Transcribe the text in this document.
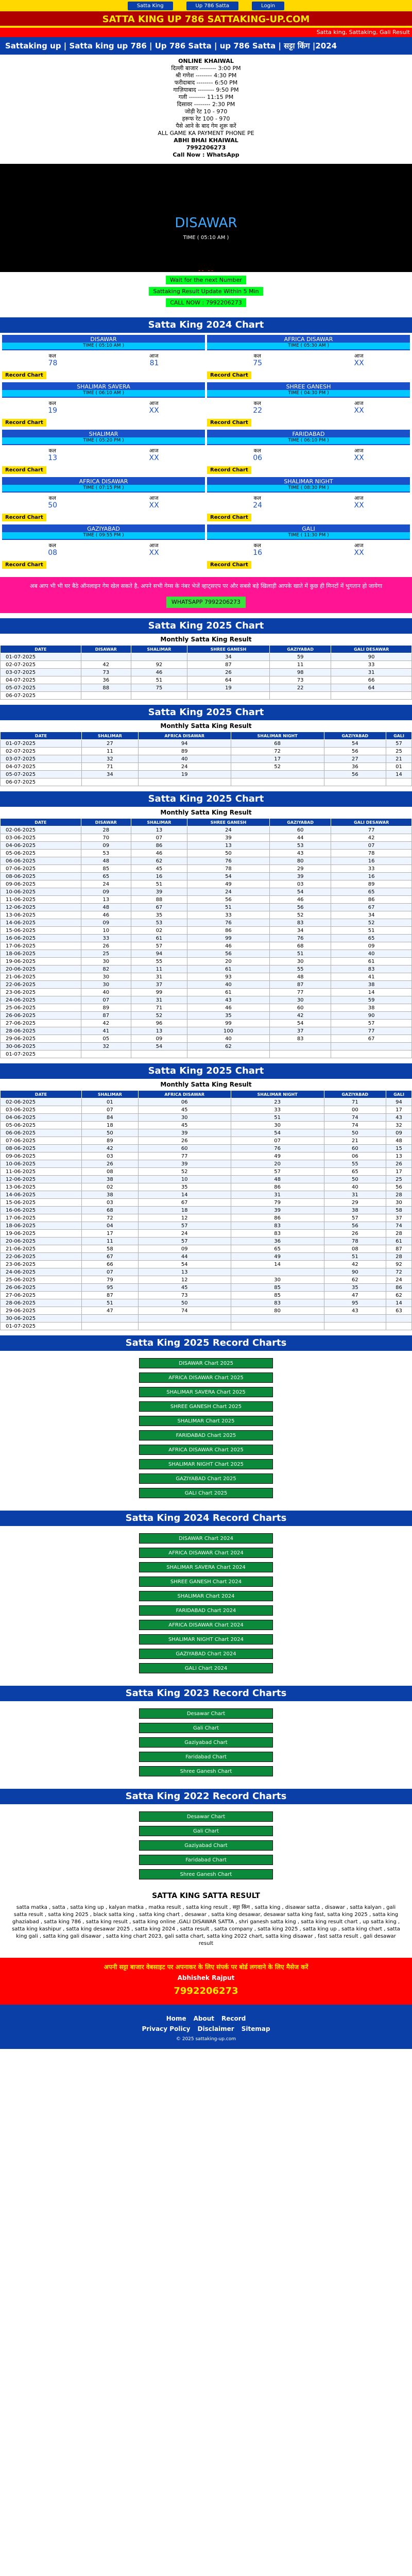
Satta King	Up 786 Satta	Login
SATTA KING UP 786 SATTAKING-UP.COM
Satta king, Sattaking, Gali Result
Sattaking up | Satta king up 786 | Up 786 Satta | up 786 Satta | सट्टा किंग |2024
ONLINE KHAIWAL
दिल्ली बाजार -------- 3:00 PM
श्री गणेश -------- 4:30 PM
फरीदाबाद -------- 6:50 PM
गाज़ियाबाद -------- 9:50 PM
गली -------- 11:15 PM
दिसावर -------- 2:30 PM
जोड़ी रेट 10 - 970
हरूफ रेट 100 - 970
पैसे आने के बाद गेम शुरू करें
ALL GAME KA PAYMENT PHONE PE
ABHI BHAI KHAIWAL
7992206273
Call Now : WhatsApp
DISAWAR
TIME ( 05:10 AM )
-- --
Wait for the next Number
Sattaking Result Update Within 5 Min
CALL NOW : 7992206273
Satta King 2024 Chart
DISAWAR
TIME ( 05:10 AM )
कल	आज
78	81
Record Chart
AFRICA DISAWAR
TIME ( 05:30 AM )
कल	आज
75	XX
Record Chart
SHALIMAR SAVERA
TIME ( 06:10 AM )
कल	आज
19	XX
Record Chart
SHREE GANESH
TIME ( 04:30 PM )
कल	आज
22	XX
Record Chart
SHALIMAR
TIME ( 05:20 PM )
कल	आज
13	XX
Record Chart
FARIDABAD
TIME ( 06:10 PM )
कल	आज
06	XX
Record Chart
AFRICA DISAWAR
TIME ( 07:15 PM )
कल	आज
50	XX
Record Chart
SHALIMAR NIGHT
TIME ( 08:30 PM )
कल	आज
24	XX
Record Chart
GAZIYABAD
TIME ( 09:55 PM )
कल	आज
08	XX
Record Chart
GALI
TIME ( 11:30 PM )
कल	आज
16	XX
Record Chart
अब आप भी भी घर बैठे ऑनलाइन गेम खेल सकते है, अपने सभी गेम्स के नंबर भेजें व्हाट्सएप पर और सबसे बड़े खिलाड़ी आपके खाते में कुछ ही मिनटों में भुगतान हो जायेगा
WHATSAPP 7992206273
Satta King 2025 Chart
Monthly Satta King Result
DATE	DISAWAR	SHALIMAR	SHREE GANESH	GAZIYABAD	GALI DESAWAR
01-07-2025			34	59	90
02-07-2025	42	92	87	11	33
03-07-2025	73	46	26	98	31
04-07-2025	36	51	64	73	66
05-07-2025	88	75	19	22	64
06-07-2025					
Satta King 2025 Chart
Monthly Satta King Result
DATE	SHALIMAR	AFRICA DISAWAR	SHALIMAR NIGHT	GAZIYABAD	GALI
01-07-2025	27	94	68	54	57
02-07-2025	11	89	72	56	25
03-07-2025	32	40	17	27	21
04-07-2025	71	24	52	36	01
05-07-2025	34	19		56	14
06-07-2025					
Satta King 2025 Chart
Monthly Satta King Result
DATE	DISAWAR	SHALIMAR	SHREE GANESH	GAZIYABAD	GALI DESAWAR
02-06-2025	28	13	24	60	77
03-06-2025	70	07	39	44	42
04-06-2025	09	86	13	53	07
05-06-2025	53	46	50	43	78
06-06-2025	48	62	76	80	16
07-06-2025	85	45	78	29	33
08-06-2025	65	16	54	39	16
09-06-2025	24	51	49	03	89
10-06-2025	09	39	24	54	65
11-06-2025	13	88	56	46	86
12-06-2025	48	67	51	56	67
13-06-2025	46	35	33	52	34
14-06-2025	09	53	76	83	52
15-06-2025	10	02	86	34	51
16-06-2025	33	61	99	76	65
17-06-2025	26	57	46	68	09
18-06-2025	25	94	56	51	40
19-06-2025	30	55	20	30	61
20-06-2025	82	11	61	55	83
21-06-2025	30	31	93	48	41
22-06-2025	30	37	40	87	38
23-06-2025	40	99	61	77	14
24-06-2025	07	31	43	30	59
25-06-2025	89	71	46	60	38
26-06-2025	87	52	35	42	90
27-06-2025	42	96	99	54	57
28-06-2025	41	13	100	37	77
29-06-2025	05	09	40	83	67
30-06-2025	32	54	62		
01-07-2025					
Satta King 2025 Chart
Monthly Satta King Result
DATE	SHALIMAR	AFRICA DISAWAR	SHALIMAR NIGHT	GAZIYABAD	GALI
02-06-2025	01	06	23	71	94
03-06-2025	07	45	33	00	17
04-06-2025	84	30	51	74	43
05-06-2025	18	45	30	74	32
06-06-2025	50	39	54	50	09
07-06-2025	89	26	07	21	48
08-06-2025	42	60	76	60	15
09-06-2025	03	77	49	06	13
10-06-2025	26	39	20	55	26
11-06-2025	08	52	57	65	17
12-06-2025	38	10	48	50	25
13-06-2025	02	35	86	40	56
14-06-2025	38	14	31	31	28
15-06-2025	03	67	79	29	30
16-06-2025	68	18	39	38	58
17-06-2025	72	12	86	57	37
18-06-2025	04	57	83	56	74
19-06-2025	17	24	83	26	28
20-06-2025	11	57	36	78	61
21-06-2025	58	09	65	08	87
22-06-2025	67	44	49	51	28
23-06-2025	66	54	14	42	92
24-06-2025	07	13		90	72
25-06-2025	79	12	30	62	24
26-06-2025	95	45	85	35	86
27-06-2025	87	73	85	47	62
28-06-2025	51	50	83	95	14
29-06-2025	47	74	80	43	63
30-06-2025					
01-07-2025					
Satta King 2025 Record Charts
DISAWAR Chart 2025
AFRICA DISAWAR Chart 2025
SHALIMAR SAVERA Chart 2025
SHREE GANESH Chart 2025
SHALIMAR Chart 2025
FARIDABAD Chart 2025
AFRICA DISAWAR Chart 2025
SHALIMAR NIGHT Chart 2025
GAZIYABAD Chart 2025
GALI Chart 2025
Satta King 2024 Record Charts
DISAWAR Chart 2024
AFRICA DISAWAR Chart 2024
SHALIMAR SAVERA Chart 2024
SHREE GANESH Chart 2024
SHALIMAR Chart 2024
FARIDABAD Chart 2024
AFRICA DISAWAR Chart 2024
SHALIMAR NIGHT Chart 2024
GAZIYABAD Chart 2024
GALI Chart 2024
Satta King 2023 Record Charts
Desawar Chart
Gali Chart
Gaziyabad Chart
Faridabad Chart
Shree Ganesh Chart
Satta King 2022 Record Charts
Desawar Chart
Gali Chart
Gaziyabad Chart
Faridabad Chart
Shree Ganesh Chart
SATTA KING SATTA RESULT

satta matka , satta , satta king up , kalyan matka , matka result , satta king result , सट्टा किंग , satta king , disawar satta , disawar , satta kalyan , gali satta result , satta king 2025 , black satta king , satta king chart , desawar , satta king desawar, desawar satta king fast, satta king 2025 , satta king ghaziabad , satta king 786 , satta king result , satta king online ,GALI DISAWAR SATTA , shri ganesh satta king , satta king result chart , up satta king , satta king kashipur , satta king desawar 2025 , satta king 2024 , satta result , satta company , satta king 2025 , satta king up , satta king chart , satta king gali , satta king gali disawar , satta king chart 2023, gali satta chart, satta king 2022 chart, satta king disawar , fast satta result , gali desawar result

अपनी सट्टा बाजार वेबसाइट पर अपनाकर के लिए संपर्क पर बोर्ड लगवाने के लिए मैसेज करें
Abhishek Rajput
7992206273
Home About Record
Privacy Policy Disclaimer Sitemap
© 2025 sattaking-up.com
